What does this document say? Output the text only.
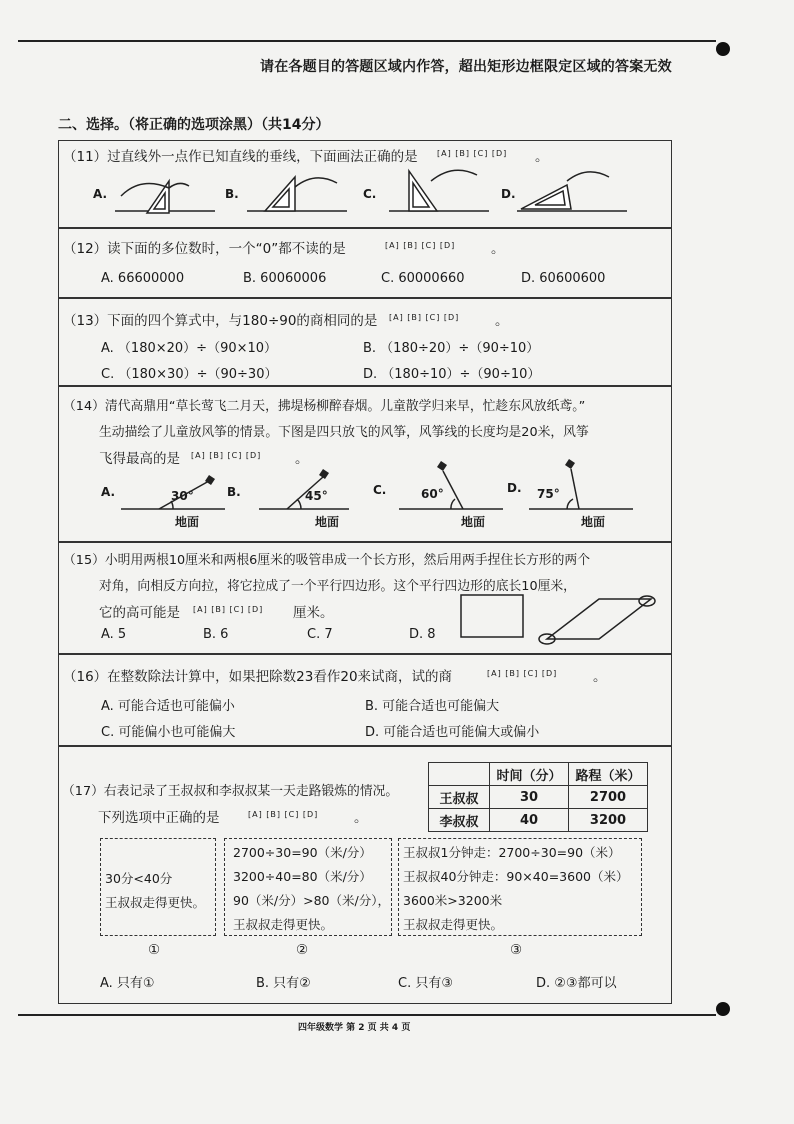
请在各题目的答题区域内作答，超出矩形边框限定区域的答案无效
二、选择。（将正确的选项涂黑）（共14分）
（11）过直线外一点作已知直线的垂线，下面画法正确的是 [A] [B] [C] [D] 。
A.	B.	C.	D.
（12）读下面的多位数时，一个“0”都不读的是	[A] [B] [C] [D]	。
A. 66600000	B. 60060006	C. 60000660	D. 60600600
（13）下面的四个算式中，与180÷90的商相同的是 [A] [B] [C] [D]	。
A. （180×20）÷（90×10）	B. （180÷20）÷（90÷10）
C. （180×30）÷（90÷30）	D. （180÷10）÷（90÷10）
（14）清代高鼎用“草长莺飞二月天，拂堤杨柳醉春烟。儿童散学归来早，忙趁东风放纸鸢。”
生动描绘了儿童放风筝的情景。下图是四只放飞的风筝，风筝线的长度均是20米，风筝
飞得最高的是 [A] [B] [C] [D] 。
A.	B.	C.	D.
30°	45°	60°	75°
地面	地面	地面	地面
（15）小明用两根10厘米和两根6厘米的吸管串成一个长方形，然后用两手捏住长方形的两个
对角，向相反方向拉，将它拉成了一个平行四边形。这个平行四边形的底长10厘米，
它的高可能是 [A] [B] [C] [D] 厘米。
A. 5	B. 6	C. 7	D. 8
（16）在整数除法计算中，如果把除数23看作20来试商，试的商	[A] [B] [C] [D]	。
A. 可能合适也可能偏小	B. 可能合适也可能偏大
C. 可能偏小也可能偏大	D. 可能合适也可能偏大或偏小
（17）右表记录了王叔叔和李叔叔某一天走路锻炼的情况。
下列选项中正确的是	[A] [B] [C] [D]	。
	时间（分）	路程（米）
王叔叔	30	2700
李叔叔	40	3200
30分<40分
王叔叔走得更快。
2700÷30=90（米/分）
3200÷40=80（米/分）
90（米/分）>80（米/分），
王叔叔走得更快。
王叔叔1分钟走：2700÷30=90（米）
王叔叔40分钟走：90×40=3600（米）
3600米>3200米
王叔叔走得更快。
①	②	③
A. 只有①	B. 只有②	C. 只有③	D. ②③都可以
四年级数学 第 2 页 共 4 页
